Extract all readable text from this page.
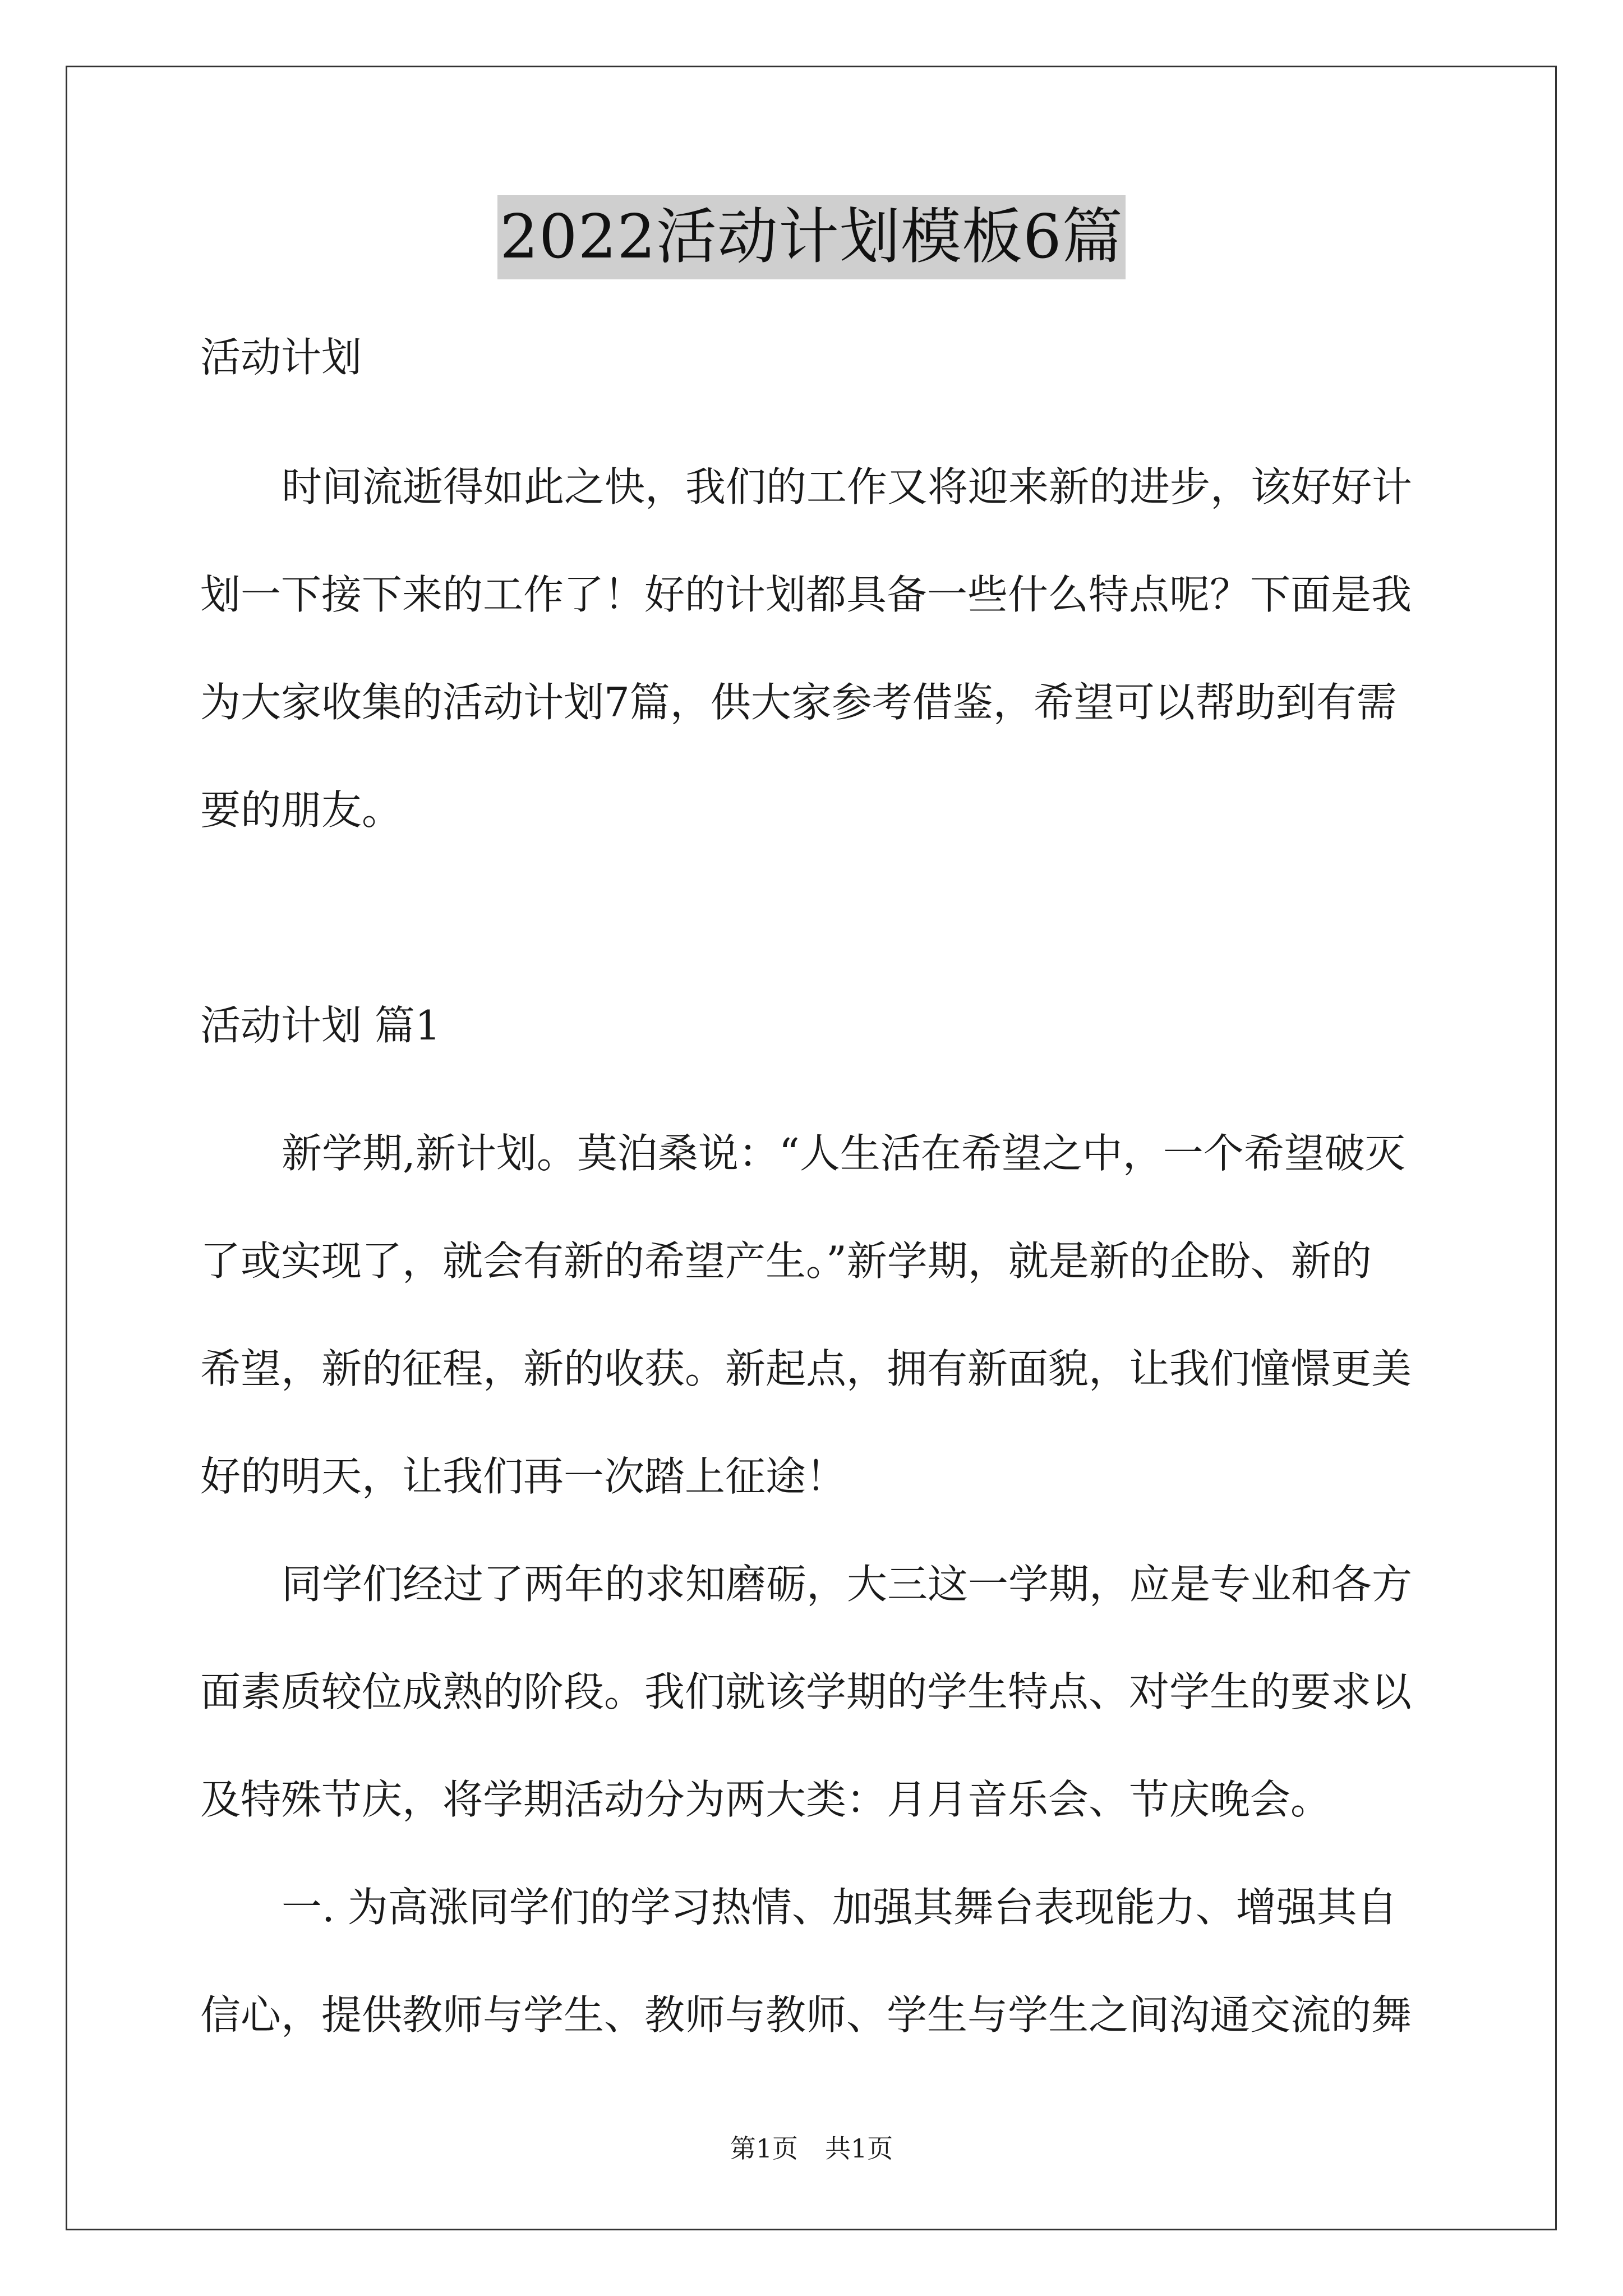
2022活动计划模板6篇
活动计划
时间流逝得如此之快，我们的工作又将迎来新的进步，该好好计
划一下接下来的工作了！好的计划都具备一些什么特点呢？下面是我
为大家收集的活动计划7篇，供大家参考借鉴，希望可以帮助到有需
要的朋友。
活动计划 篇1
新学期,新计划。莫泊桑说：“人生活在希望之中，一个希望破灭
了或实现了，就会有新的希望产生。”新学期，就是新的企盼、新的
希望，新的征程，新的收获。新起点，拥有新面貌，让我们憧憬更美
好的明天，让我们再一次踏上征途！
同学们经过了两年的求知磨砺，大三这一学期，应是专业和各方
面素质较位成熟的阶段。我们就该学期的学生特点、对学生的要求以
及特殊节庆，将学期活动分为两大类：月月音乐会、节庆晚会。
一. 为高涨同学们的学习热情、加强其舞台表现能力、增强其自
信心，提供教师与学生、教师与教师、学生与学生之间沟通交流的舞
第1页 共1页
